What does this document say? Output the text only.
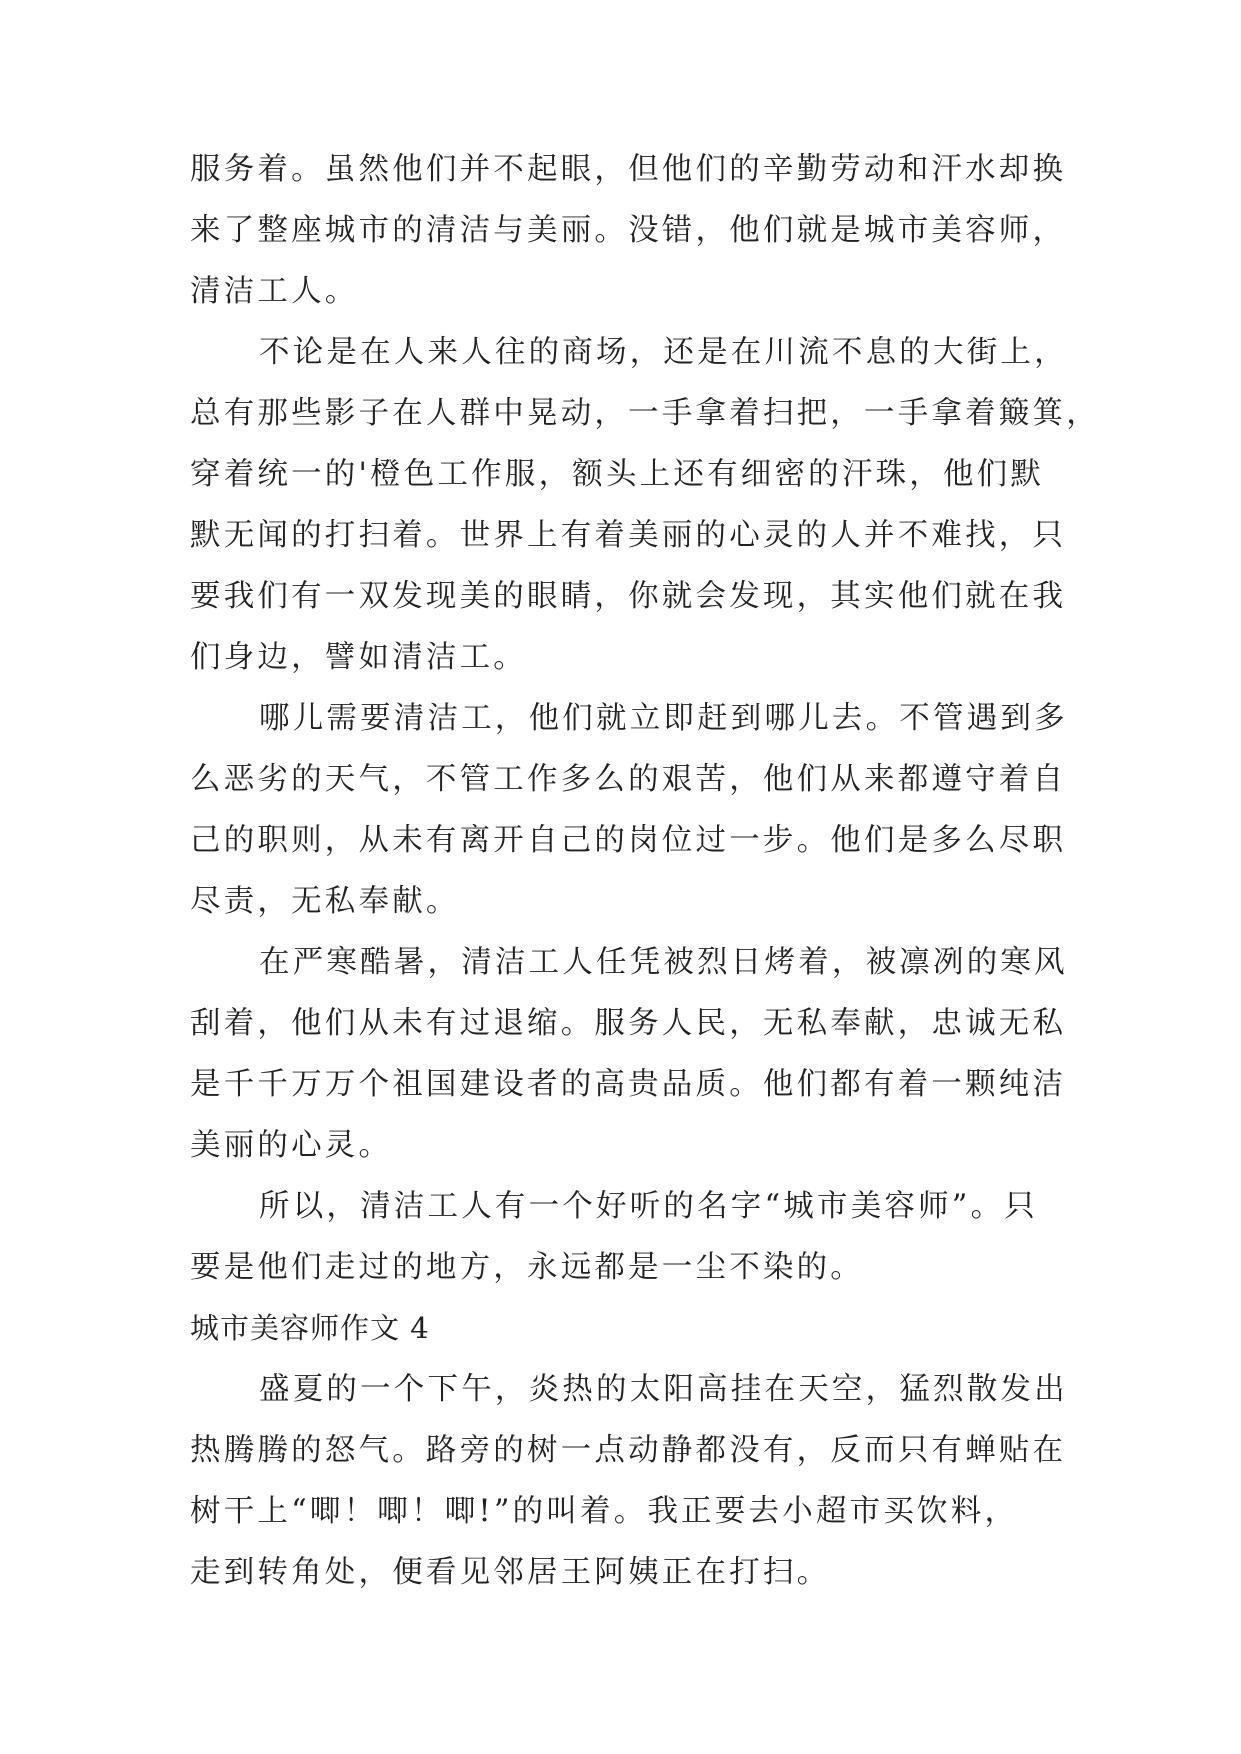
服务着。虽然他们并不起眼，但他们的辛勤劳动和汗水却换
来了整座城市的清洁与美丽。没错，他们就是城市美容师，
清洁工人。
不论是在人来人往的商场，还是在川流不息的大街上，
总有那些影子在人群中晃动，一手拿着扫把，一手拿着簸箕，
穿着统一的'橙色工作服，额头上还有细密的汗珠，他们默
默无闻的打扫着。世界上有着美丽的心灵的人并不难找，只
要我们有一双发现美的眼睛，你就会发现，其实他们就在我
们身边，譬如清洁工。
哪儿需要清洁工，他们就立即赶到哪儿去。不管遇到多
么恶劣的天气，不管工作多么的艰苦，他们从来都遵守着自
己的职则，从未有离开自己的岗位过一步。他们是多么尽职
尽责，无私奉献。
在严寒酷暑，清洁工人任凭被烈日烤着，被凛冽的寒风
刮着，他们从未有过退缩。服务人民，无私奉献，忠诚无私
是千千万万个祖国建设者的高贵品质。他们都有着一颗纯洁
美丽的心灵。
所以，清洁工人有一个好听的名字“城市美容师”。只
要是他们走过的地方，永远都是一尘不染的。
城市美容师作文 4
盛夏的一个下午，炎热的太阳高挂在天空，猛烈散发出
热腾腾的怒气。路旁的树一点动静都没有，反而只有蝉贴在
树干上“唧！唧！唧!”的叫着。我正要去小超市买饮料，
走到转角处，便看见邻居王阿姨正在打扫。
